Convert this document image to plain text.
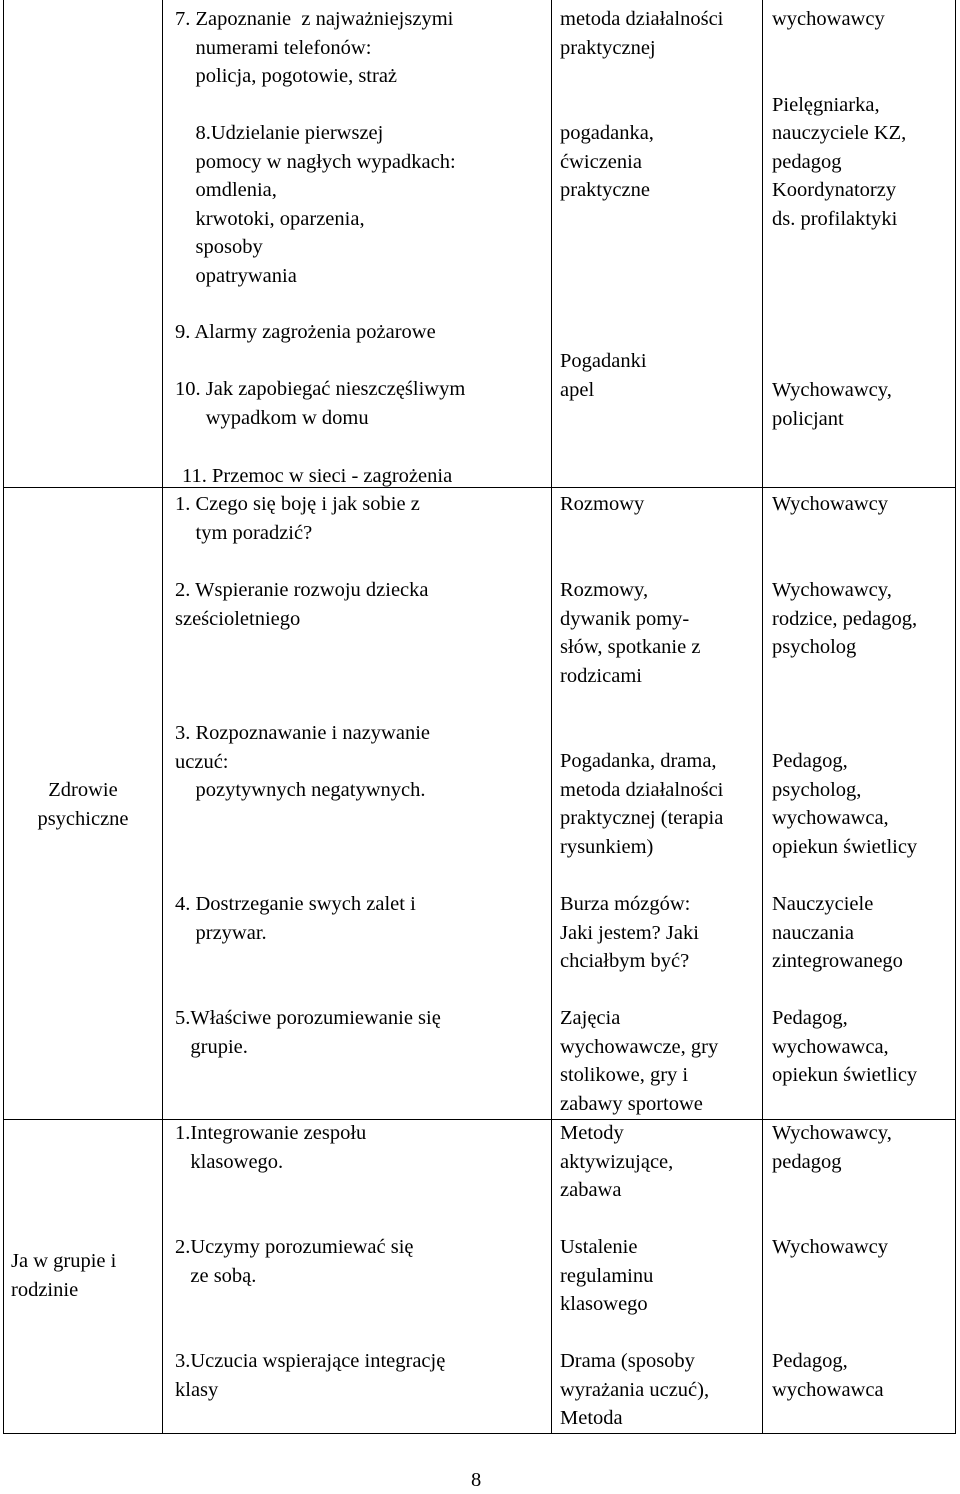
7. Zapoznanie  z najważniejszymi
numerami telefonów:
policja, pogotowie, straż

8.Udzielanie pierwszej
pomocy w nagłych wypadkach:
omdlenia,
krwotoki, oparzenia,
sposoby
opatrywania
metoda działalności
praktycznej

pogadanka,
ćwiczenia
praktyczne
wychowawcy

Pielęgniarka,
nauczyciele KZ,
pedagog
Koordynatorzy
ds. profilaktyki
9. Alarmy zagrożenia pożarowe

10. Jak zapobiegać nieszczęśliwym
wypadkom w domu
Pogadanki
apel	Wychowawcy,
policjant
11. Przemoc w sieci - zagrożenia
Zdrowie
psychiczne
1. Czego się boję i jak sobie z
tym poradzić?
Rozmowy	Wychowawcy
2. Wspieranie rozwoju dziecka
sześcioletniego
Rozmowy,
dywanik pomy-
słów, spotkanie z
rodzicami
Wychowawcy,
rodzice, pedagog,
psycholog
3. Rozpoznawanie i nazywanie
uczuć:
pozytywnych negatywnych.
Pogadanka, drama,
metoda działalności
praktycznej (terapia
rysunkiem)
Pedagog,
psycholog,
wychowawca,
opiekun świetlicy
4. Dostrzeganie swych zalet i
przywar.
Burza mózgów:
Jaki jestem? Jaki
chciałbym być?
Nauczyciele
nauczania
zintegrowanego
5.Właściwe porozumiewanie się
grupie.
Zajęcia
wychowawcze, gry
stolikowe, gry i
zabawy sportowe
Pedagog,
wychowawca,
opiekun świetlicy
Ja w grupie i
rodzinie
1.Integrowanie zespołu
klasowego.
Metody
aktywizujące,
zabawa
Wychowawcy,
pedagog
2.Uczymy porozumiewać się
ze sobą.
Ustalenie
regulaminu
klasowego
Wychowawcy
3.Uczucia wspierające integrację
klasy
Drama (sposoby
wyrażania uczuć),
Metoda
Pedagog,
wychowawca
8
